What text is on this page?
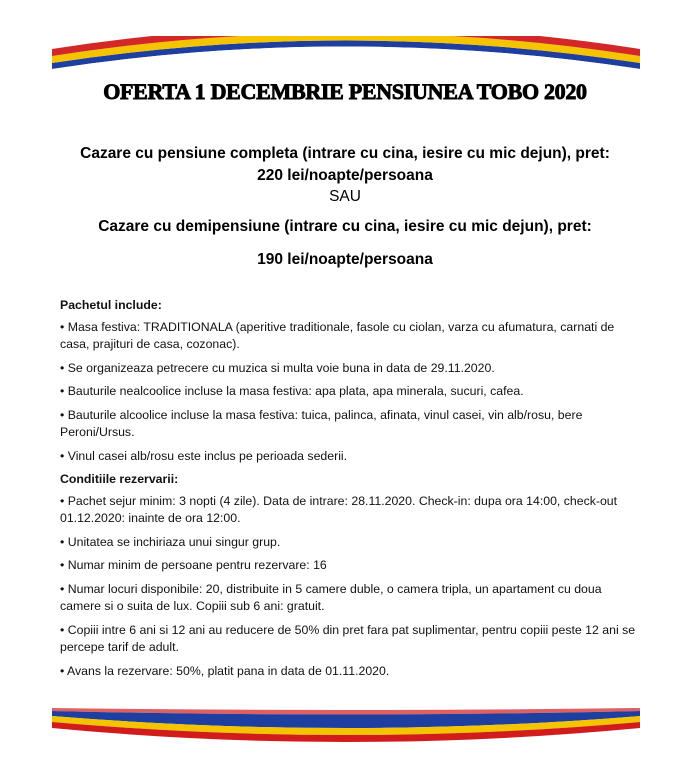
OFERTA 1 DECEMBRIE PENSIUNEA TOBO 2020
Cazare cu pensiune completa (intrare cu cina, iesire cu mic dejun), pret:
220 lei/noapte/persoana
SAU
Cazare cu demipensiune (intrare cu cina, iesire cu mic dejun), pret:
190 lei/noapte/persoana

Pachetul include:

• Masa festiva: TRADITIONALA (aperitive traditionale, fasole cu ciolan, varza cu afumatura, carnati de casa, prajituri de casa, cozonac).

• Se organizeaza petrecere cu muzica si multa voie buna in data de 29.11.2020.

• Bauturile nealcoolice incluse la masa festiva: apa plata, apa minerala, sucuri, cafea.

• Bauturile alcoolice incluse la masa festiva: tuica, palinca, afinata, vinul casei, vin alb/rosu, bere Peroni/Ursus.

• Vinul casei alb/rosu este inclus pe perioada sederii.

Conditiile rezervarii:

• Pachet sejur minim: 3 nopti (4 zile). Data de intrare: 28.11.2020. Check-in: dupa ora 14:00, check-out 01.12.2020: inainte de ora 12:00.

• Unitatea se inchiriaza unui singur grup.

• Numar minim de persoane pentru rezervare: 16

• Numar locuri disponibile: 20, distribuite in 5 camere duble, o camera tripla, un apartament cu doua camere si o suita de lux. Copiii sub 6 ani: gratuit.

• Copiii intre 6 ani si 12 ani au reducere de 50% din pret fara pat suplimentar, pentru copiii peste 12 ani se percepe tarif de adult.

• Avans la rezervare: 50%, platit pana in data de 01.11.2020.
